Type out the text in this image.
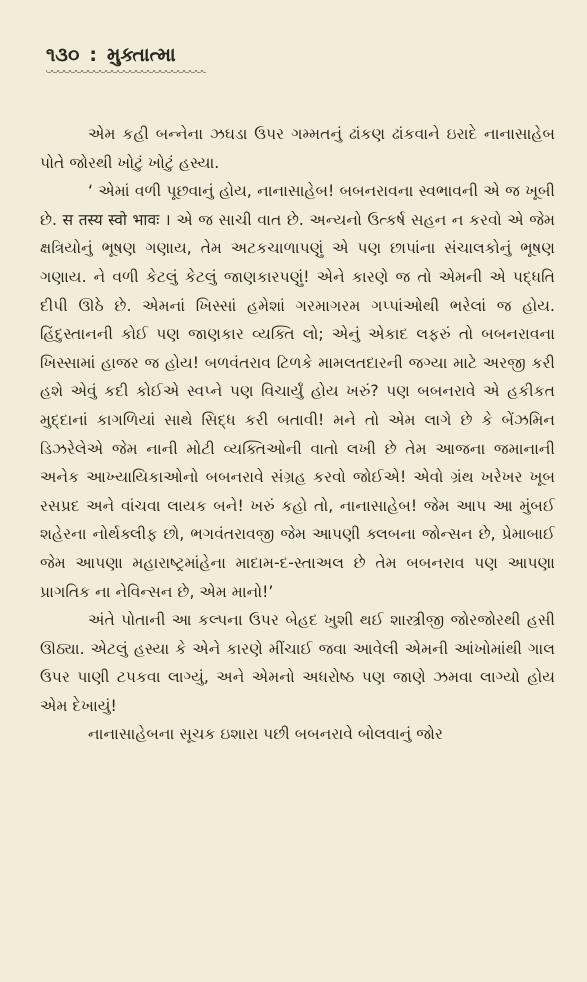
૧૩૦ : મુક્તાત્મા

એમ કહી બન્નેના ઝઘડા ઉપર ગમ્મતનું ઢાંકણ ઢાંકવાને ઇરાદે નાનાસાહેબ પોતે જોરથી ખોટું ખોટું હસ્યા.

‘ એમાં વળી પૂછવાનું હોય, નાનાસાહેબ! બબનરાવના સ્વભાવની એ જ ખૂબી છે. स तस्य स्वो भावः । એ જ સાચી વાત છે. અન્યનો ઉત્કર્ષ સહન ન કરવો એ જેમ ક્ષત્રિયોનું ભૂષણ ગણાય, તેમ અટકચાળાપણું એ પણ છાપાંના સંચાલકોનું ભૂષણ ગણાય. ને વળી કેટલું કેટલું જાણકારપણું! એને કારણે જ તો એમની એ પદ્ધતિ દીપી ઊઠે છે. એમનાં ખિસ્સાં હમેશાં ગરમાગરમ ગપ્પાંઓથી ભરેલાં જ હોય. હિંદુસ્તાનની કોઈ પણ જાણકાર વ્યક્તિ લો; એનું એકાદ લફરું તો બબનરાવના ખિસ્સામાં હાજર જ હોય! બળવંતરાવ ટિળકે મામલતદારની જગ્યા માટે અરજી કરી હશે એવું કદી કોઈએ સ્વપ્ને પણ વિચાર્યું હોય ખરું? પણ બબનરાવે એ હકીકત મુદ્દાનાં કાગળિયાં સાથે સિદ્ધ કરી બતાવી! મને તો એમ લાગે છે કે બેંઝમિન ડિઝરેલેએ જેમ નાની મોટી વ્યક્તિઓની વાતો લખી છે તેમ આજના જમાનાની અનેક આખ્યાયિકાઓનો બબનરાવે સંગ્રહ કરવો જોઈએ! એવો ગ્રંથ ખરેખર ખૂબ રસપ્રદ અને વાંચવા લાયક બને! ખરું કહો તો, નાનાસાહેબ! જેમ આપ આ મુંબઈ શહેરના નોર્થક્લીફ છો, ભગવંતરાવજી જેમ આપણી ક્લબના જોન્સન છે, પ્રેમાબાઈ જેમ આપણા મહારાષ્ટ્રમાંહેના માદામ-દ-સ્તાઅલ છે તેમ બબનરાવ પણ આપણા પ્રાગતિક ના નેવિન્સન છે, એમ માનો!’

અંતે પોતાની આ કલ્પના ઉપર બેહદ ખુશી થઈ શાસ્ત્રીજી જોરજોરથી હસી ઊઠ્યા. એટલું હસ્યા કે એને કારણે મીંચાઈ જવા આવેલી એમની આંખોમાંથી ગાલ ઉપર પાણી ટપકવા લાગ્યું, અને એમનો અધરોષ્ઠ પણ જાણે ઝમવા લાગ્યો હોય એમ દેખાયું!

નાનાસાહેબના સૂચક ઇશારા પછી બબનરાવે બોલવાનું જોર
